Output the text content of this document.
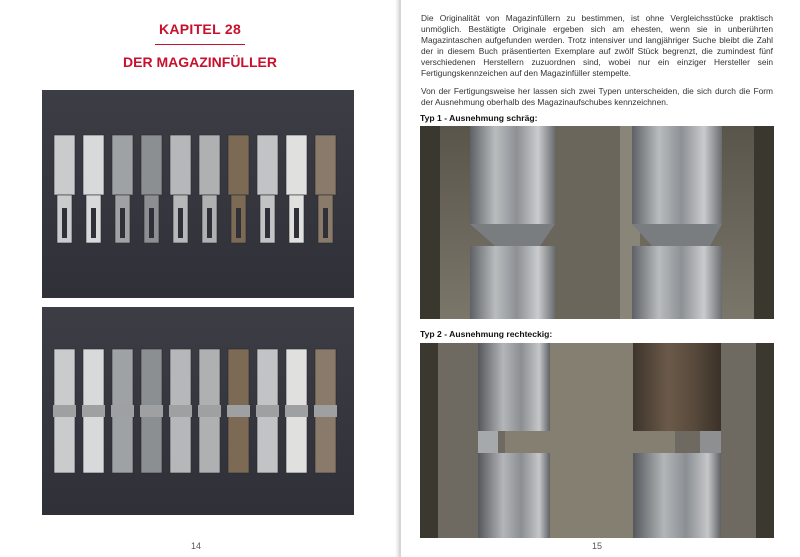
KAPITEL 28
DER MAGAZINFÜLLER
14
Die Originalität von Magazinfüllern zu bestimmen, ist ohne Vergleichsstücke praktisch unmöglich. Bestätigte Originale ergeben sich am ehesten, wenn sie in unberührten Magazintaschen aufgefunden werden. Trotz intensiver und langjähriger Suche bleibt die Zahl der in diesem Buch präsentierten Exemplare auf zwölf Stück begrenzt, die zumindest fünf verschiedenen Herstellern zuzuordnen sind, wobei nur ein einziger Hersteller sein Fertigungskennzeichen auf den Magazinfüller stempelte.
Von der Fertigungsweise her lassen sich zwei Typen unterscheiden, die sich durch die Form der Ausnehmung oberhalb des Magazinaufschubes kennzeichnen.
Typ 1 - Ausnehmung schräg:
Typ 2 - Ausnehmung rechteckig:
15
